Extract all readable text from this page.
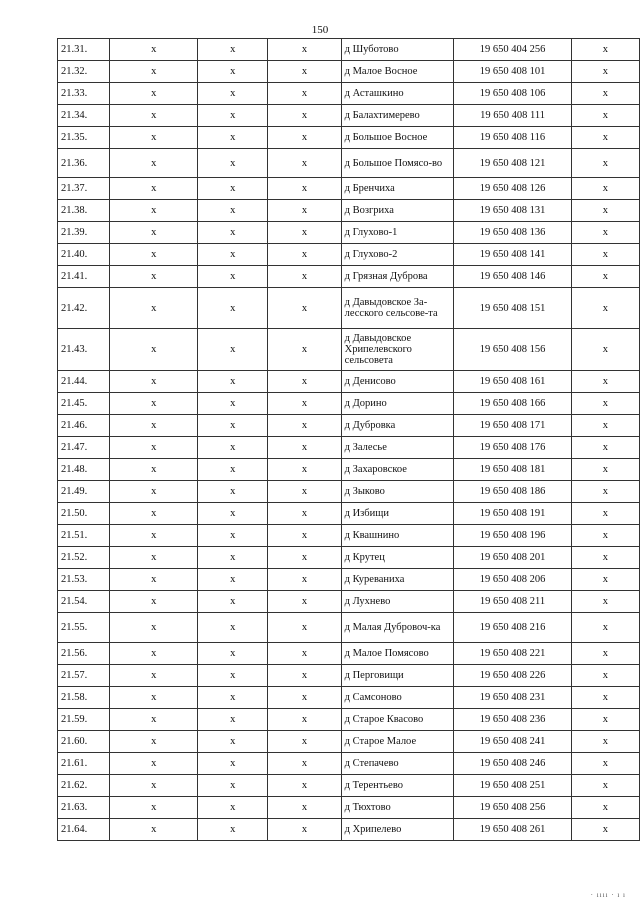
150
21.31.	x	x	x	д Шуботово	19 650 404 256	x
21.32.	x	x	x	д Малое Восное	19 650 408 101	x
21.33.	x	x	x	д Асташкино	19 650 408 106	x
21.34.	x	x	x	д Балахтимерево	19 650 408 111	x
21.35.	x	x	x	д Большое Восное	19 650 408 116	x
21.36.	x	x	x	д Большое Помясо-во	19 650 408 121	x
21.37.	x	x	x	д Бренчиха	19 650 408 126	x
21.38.	x	x	x	д Возгриха	19 650 408 131	x
21.39.	x	x	x	д Глухово-1	19 650 408 136	x
21.40.	x	x	x	д Глухово-2	19 650 408 141	x
21.41.	x	x	x	д Грязная Дуброва	19 650 408 146	x
21.42.	x	x	x	д Давыдовское За-лесского сельсове-та	19 650 408 151	x
21.43.	x	x	x	д Давыдовское Хрипелевского сельсовета	19 650 408 156	x
21.44.	x	x	x	д Денисово	19 650 408 161	x
21.45.	x	x	x	д Дорино	19 650 408 166	x
21.46.	x	x	x	д Дубровка	19 650 408 171	x
21.47.	x	x	x	д Залесье	19 650 408 176	x
21.48.	x	x	x	д Захаровское	19 650 408 181	x
21.49.	x	x	x	д Зыково	19 650 408 186	x
21.50.	x	x	x	д Избищи	19 650 408 191	x
21.51.	x	x	x	д Квашнино	19 650 408 196	x
21.52.	x	x	x	д Крутец	19 650 408 201	x
21.53.	x	x	x	д Куреваниха	19 650 408 206	x
21.54.	x	x	x	д Лухнево	19 650 408 211	x
21.55.	x	x	x	д Малая Дубровоч-ка	19 650 408 216	x
21.56.	x	x	x	д Малое Помясово	19 650 408 221	x
21.57.	x	x	x	д Перговищи	19 650 408 226	x
21.58.	x	x	x	д Самсоново	19 650 408 231	x
21.59.	x	x	x	д Старое Квасово	19 650 408 236	x
21.60.	x	x	x	д Старое Малое	19 650 408 241	x
21.61.	x	x	x	д Степачево	19 650 408 246	x
21.62.	x	x	x	д Терентьево	19 650 408 251	x
21.63.	x	x	x	д Тюхтово	19 650 408 256	x
21.64.	x	x	x	д Хрипелево	19 650 408 261	x
· ıııı · ı ı
